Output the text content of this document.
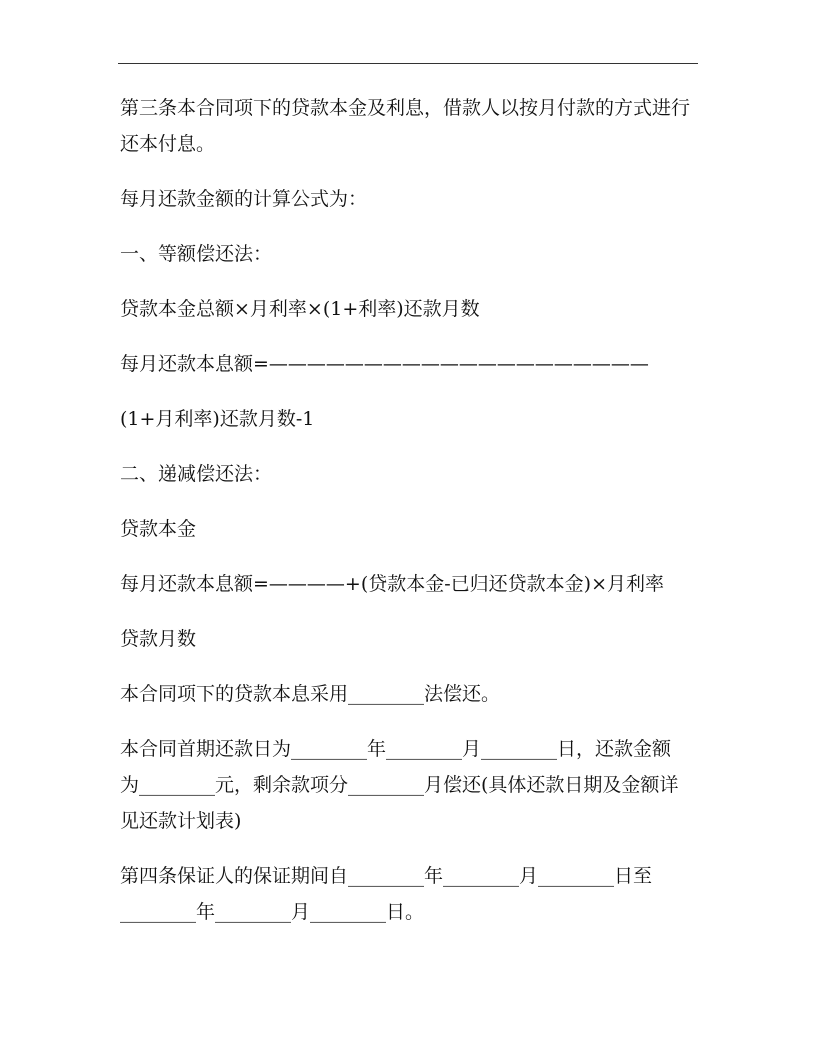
第三条本合同项下的贷款本金及利息，借款人以按月付款的方式进行
还本付息。
每月还款金额的计算公式为：
一、等额偿还法：
贷款本金总额×月利率×(1+利率)还款月数
每月还款本息额=————————————————————
(1+月利率)还款月数-1
二、递减偿还法：
贷款本金
每月还款本息额=————+(贷款本金-已归还贷款本金)×月利率
贷款月数
本合同项下的贷款本息采用________法偿还。
本合同首期还款日为________年________月________日，还款金额
为________元，剩余款项分________月偿还(具体还款日期及金额详
见还款计划表)
第四条保证人的保证期间自________年________月________日至
________年________月________日。
